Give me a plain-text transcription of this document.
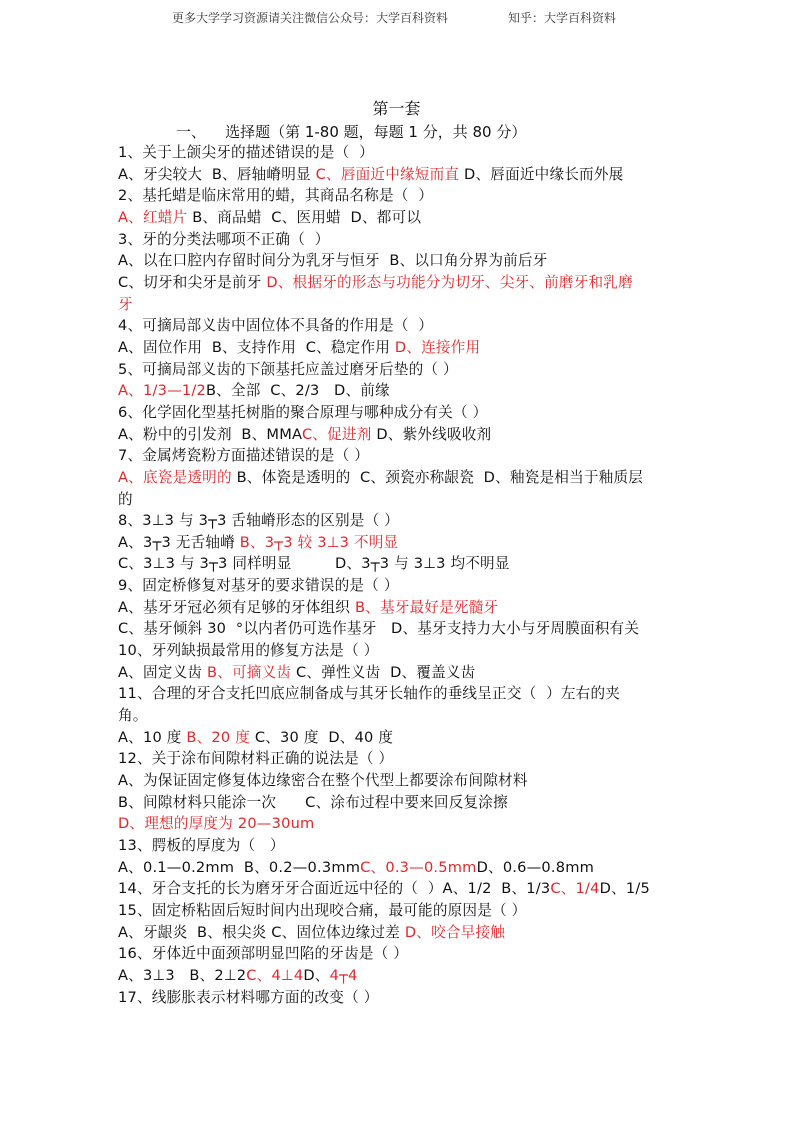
更多大学学习资源请关注微信公众号：大学百科资料	知乎：大学百科资料
第一套
一、    选择题（第 1-80 题，每题 1 分，共 80 分）
1、关于上颌尖牙的描述错误的是（  ）
A、牙尖较大  B、唇轴嵴明显 C、唇面近中缘短而直 D、唇面近中缘长而外展
2、基托蜡是临床常用的蜡，其商品名称是（  ）
A、红蜡片 B、商品蜡  C、医用蜡  D、都可以
3、牙的分类法哪项不正确（  ）
A、以在口腔内存留时间分为乳牙与恒牙  B、以口角分界为前后牙
C、切牙和尖牙是前牙 D、根据牙的形态与功能分为切牙、尖牙、前磨牙和乳磨
牙
4、可摘局部义齿中固位体不具备的作用是（  ）
A、固位作用  B、支持作用  C、稳定作用 D、连接作用
5、可摘局部义齿的下颌基托应盖过磨牙后垫的（ ）
A、1/3—1/2B、全部  C、2/3   D、前缘
6、化学固化型基托树脂的聚合原理与哪种成分有关（ ）
A、粉中的引发剂  B、MMAC、促进剂 D、紫外线吸收剂
7、金属烤瓷粉方面描述错误的是（ ）
A、底瓷是透明的 B、体瓷是透明的  C、颈瓷亦称龈瓷  D、釉瓷是相当于釉质层
的
8、3⊥3 与 3┬3 舌轴嵴形态的区别是（ ）
A、3┬3 无舌轴嵴 B、3┬3 较 3⊥3 不明显
C、3⊥3 与 3┬3 同样明显         D、3┬3 与 3⊥3 均不明显
9、固定桥修复对基牙的要求错误的是（ ）
A、基牙牙冠必须有足够的牙体组织 B、基牙最好是死髓牙
C、基牙倾斜 30  °以内者仍可选作基牙   D、基牙支持力大小与牙周膜面积有关
10、牙列缺损最常用的修复方法是（ ）
A、固定义齿 B、可摘义齿 C、弹性义齿  D、覆盖义齿
11、合理的牙合支托凹底应制备成与其牙长轴作的垂线呈正交（  ）左右的夹
角。
A、10 度 B、20 度 C、30 度  D、40 度
12、关于涂布间隙材料正确的说法是（ ）
A、为保证固定修复体边缘密合在整个代型上都要涂布间隙材料
B、间隙材料只能涂一次      C、涂布过程中要来回反复涂擦
D、理想的厚度为 20—30um
13、腭板的厚度为（   ）
A、0.1—0.2mm  B、0.2—0.3mmC、0.3—0.5mmD、0.6—0.8mm
14、牙合支托的长为磨牙牙合面近远中径的（  ）A、1/2  B、1/3C、1/4D、1/5
15、固定桥粘固后短时间内出现咬合痛，最可能的原因是（ ）
A、牙龈炎  B、根尖炎 C、固位体边缘过差 D、咬合早接触
16、牙体近中面颈部明显凹陷的牙齿是（ ）
A、3⊥3   B、2⊥2C、4⊥4D、4┬4
17、线膨胀表示材料哪方面的改变（ ）
